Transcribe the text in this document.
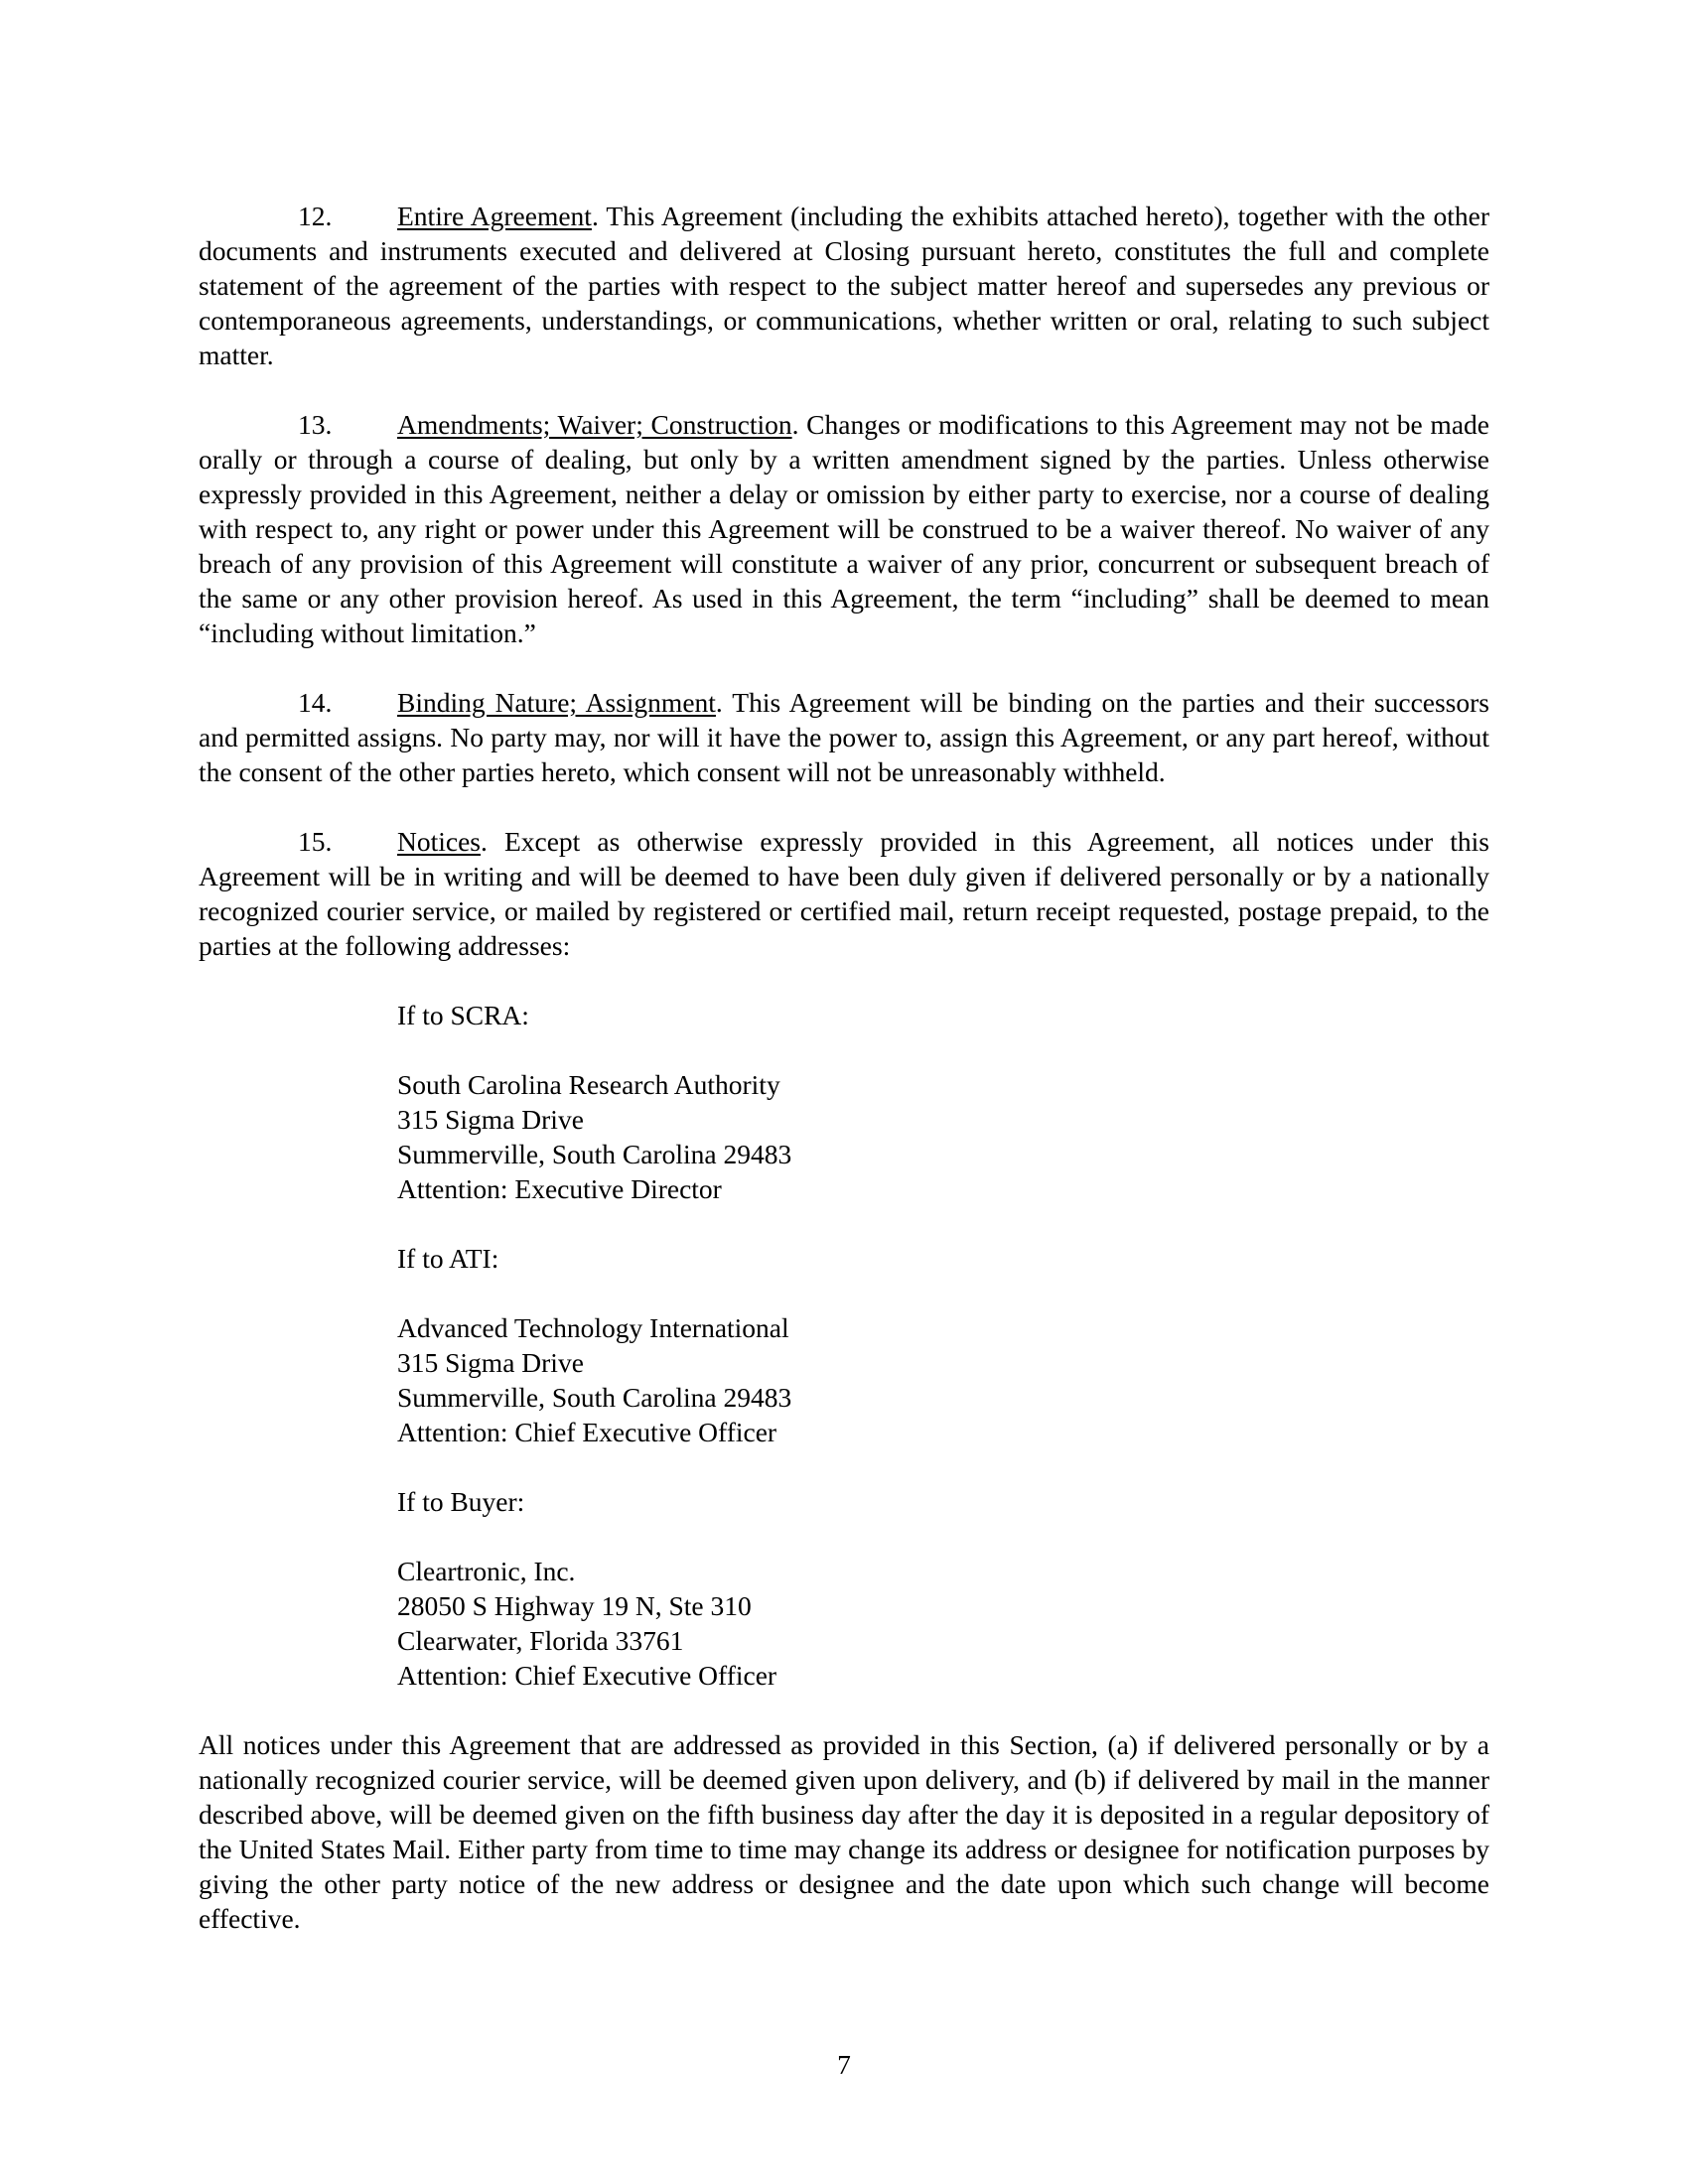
12. Entire Agreement. This Agreement (including the exhibits attached hereto), together with the other documents and instruments executed and delivered at Closing pursuant hereto, constitutes the full and complete statement of the agreement of the parties with respect to the subject matter hereof and supersedes any previous or contemporaneous agreements, understandings, or communications, whether written or oral, relating to such subject matter.

13. Amendments; Waiver; Construction. Changes or modifications to this Agreement may not be made orally or through a course of dealing, but only by a written amendment signed by the parties. Unless otherwise expressly provided in this Agreement, neither a delay or omission by either party to exercise, nor a course of dealing with respect to, any right or power under this Agreement will be construed to be a waiver thereof. No waiver of any breach of any provision of this Agreement will constitute a waiver of any prior, concurrent or subsequent breach of the same or any other provision hereof. As used in this Agreement, the term “including” shall be deemed to mean “including without limitation.”

14. Binding Nature; Assignment. This Agreement will be binding on the parties and their successors and permitted assigns. No party may, nor will it have the power to, assign this Agreement, or any part hereof, without the consent of the other parties hereto, which consent will not be unreasonably withheld.

15. Notices. Except as otherwise expressly provided in this Agreement, all notices under this Agreement will be in writing and will be deemed to have been duly given if delivered personally or by a nationally recognized courier service, or mailed by registered or certified mail, return receipt requested, postage prepaid, to the parties at the following addresses:

If to SCRA:
South Carolina Research Authority
315 Sigma Drive
Summerville, South Carolina 29483
Attention: Executive Director
If to ATI:
Advanced Technology International
315 Sigma Drive
Summerville, South Carolina 29483
Attention: Chief Executive Officer
If to Buyer:
Cleartronic, Inc.
28050 S Highway 19 N, Ste 310
Clearwater, Florida 33761
Attention: Chief Executive Officer

All notices under this Agreement that are addressed as provided in this Section, (a) if delivered personally or by a nationally recognized courier service, will be deemed given upon delivery, and (b) if delivered by mail in the manner described above, will be deemed given on the fifth business day after the day it is deposited in a regular depository of the United States Mail. Either party from time to time may change its address or designee for notification purposes by giving the other party notice of the new address or designee and the date upon which such change will become effective.

7
